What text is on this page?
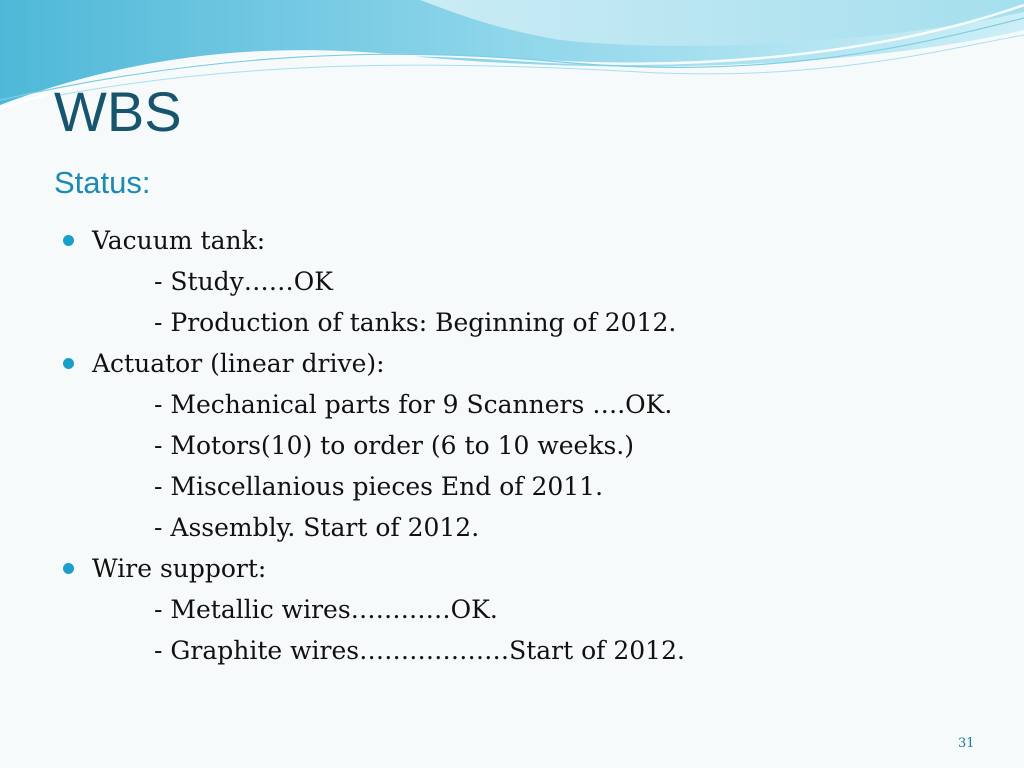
WBS
Status:
Vacuum tank:
- Study……OK
- Production of tanks: Beginning of 2012.
Actuator (linear drive):
- Mechanical parts for 9 Scanners ….OK.
- Motors(10) to order (6 to 10 weeks.)
- Miscellanious pieces End of 2011.
- Assembly. Start of 2012.
Wire support:
- Metallic wires…………OK.
- Graphite wires………………Start of 2012.
31
